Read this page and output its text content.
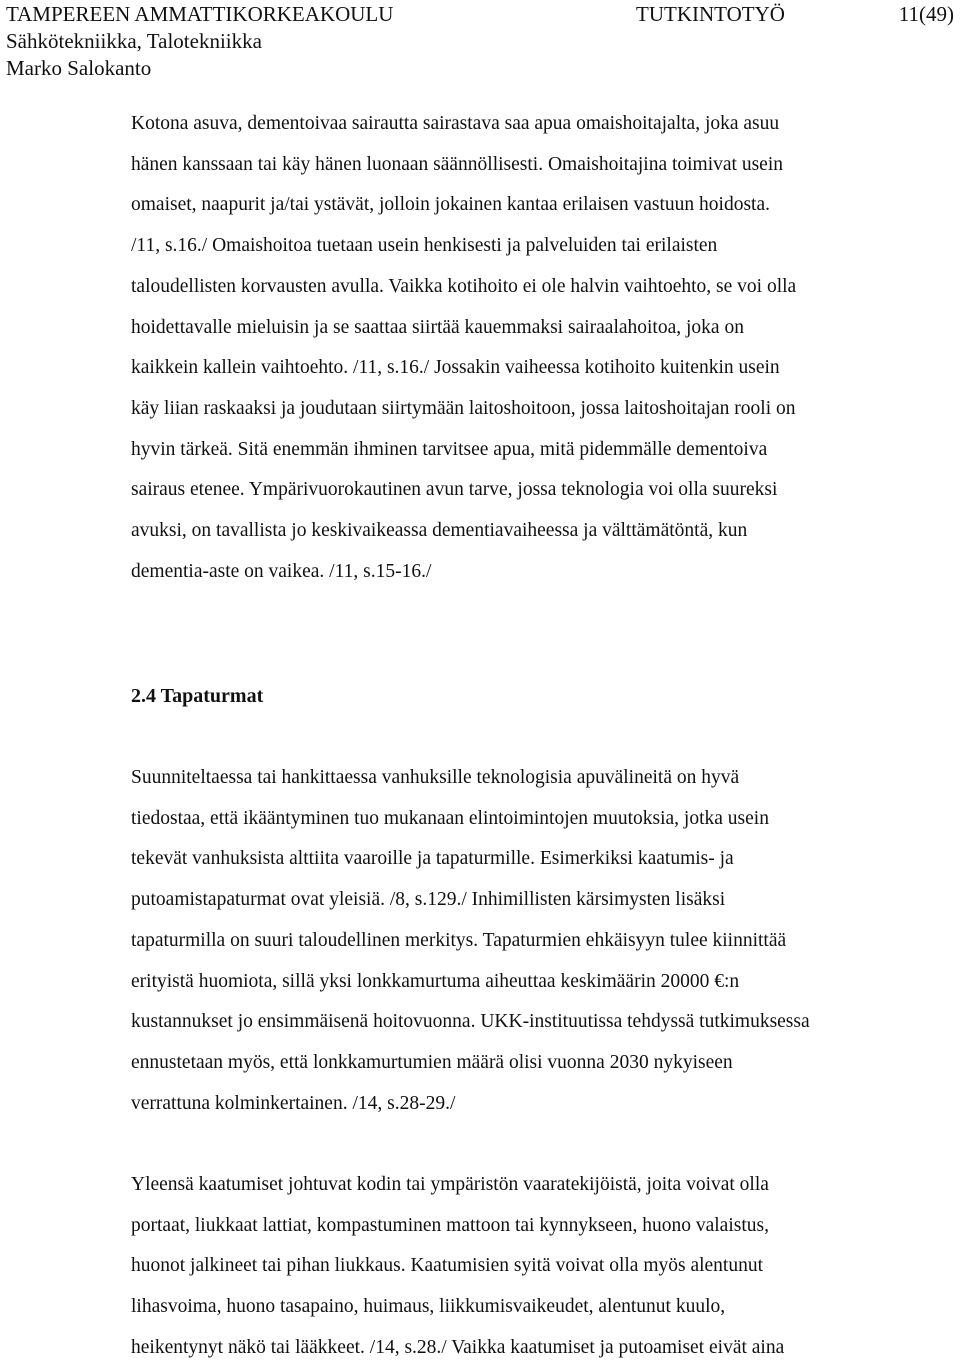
TAMPEREEN AMMATTIKORKEAKOULU	TUTKINTOTYÖ	11(49)
Sähkötekniikka, Talotekniikka
Marko Salokanto

Kotona asuva, dementoivaa sairautta sairastava saa apua omaishoitajalta, joka asuu
hänen kanssaan tai käy hänen luonaan säännöllisesti. Omaishoitajina toimivat usein
omaiset, naapurit ja/tai ystävät, jolloin jokainen kantaa erilaisen vastuun hoidosta.
/11, s.16./ Omaishoitoa tuetaan usein henkisesti ja palveluiden tai erilaisten
taloudellisten korvausten avulla. Vaikka kotihoito ei ole halvin vaihtoehto, se voi olla
hoidettavalle mieluisin ja se saattaa siirtää kauemmaksi sairaalahoitoa, joka on
kaikkein kallein vaihtoehto. /11, s.16./ Jossakin vaiheessa kotihoito kuitenkin usein
käy liian raskaaksi ja joudutaan siirtymään laitoshoitoon, jossa laitoshoitajan rooli on
hyvin tärkeä. Sitä enemmän ihminen tarvitsee apua, mitä pidemmälle dementoiva
sairaus etenee. Ympärivuorokautinen avun tarve, jossa teknologia voi olla suureksi
avuksi, on tavallista jo keskivaikeassa dementiavaiheessa ja välttämätöntä, kun
dementia-aste on vaikea. /11, s.15-16./

2.4 Tapaturmat

Suunniteltaessa tai hankittaessa vanhuksille teknologisia apuvälineitä on hyvä
tiedostaa, että ikääntyminen tuo mukanaan elintoimintojen muutoksia, jotka usein
tekevät vanhuksista alttiita vaaroille ja tapaturmille. Esimerkiksi kaatumis- ja
putoamistapaturmat ovat yleisiä. /8, s.129./ Inhimillisten kärsimysten lisäksi
tapaturmilla on suuri taloudellinen merkitys. Tapaturmien ehkäisyyn tulee kiinnittää
erityistä huomiota, sillä yksi lonkkamurtuma aiheuttaa keskimäärin 20000 €:n
kustannukset jo ensimmäisenä hoitovuonna. UKK-instituutissa tehdyssä tutkimuksessa
ennustetaan myös, että lonkkamurtumien määrä olisi vuonna 2030 nykyiseen
verrattuna kolminkertainen. /14, s.28-29./

Yleensä kaatumiset johtuvat kodin tai ympäristön vaaratekijöistä, joita voivat olla
portaat, liukkaat lattiat, kompastuminen mattoon tai kynnykseen, huono valaistus,
huonot jalkineet tai pihan liukkaus. Kaatumisien syitä voivat olla myös alentunut
lihasvoima, huono tasapaino, huimaus, liikkumisvaikeudet, alentunut kuulo,
heikentynyt näkö tai lääkkeet. /14, s.28./ Vaikka kaatumiset ja putoamiset eivät aina
